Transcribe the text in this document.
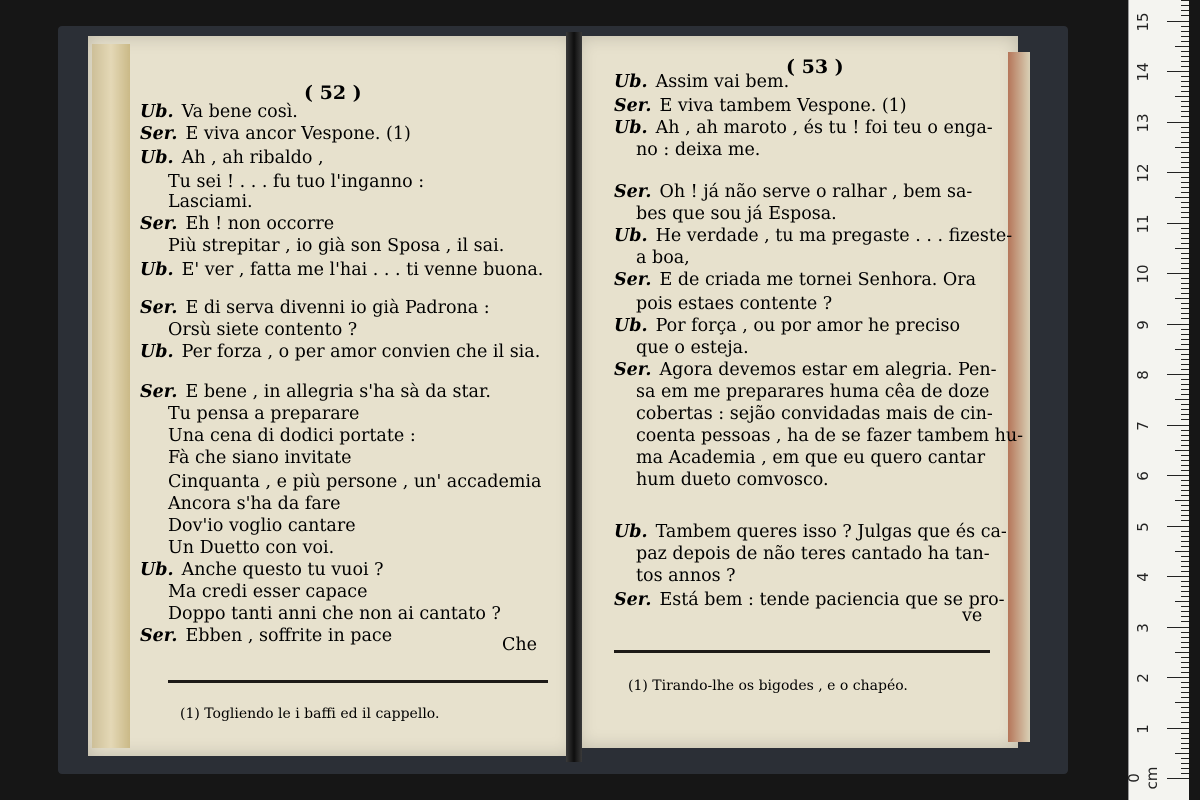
( 52 )
( 53 )
Ub. Va bene così.
Ser. E viva ancor Vespone. (1)
Ub. Ah , ah ribaldo ,
Tu sei ! . . . fu tuo l'inganno :
Lasciami.
Ser. Eh ! non occorre
Più strepitar , io già son Sposa , il sai.
Ub. E' ver , fatta me l'hai . . . ti venne buona.
Ser. E di serva divenni io già Padrona :
Orsù siete contento ?
Ub. Per forza , o per amor convien che il sia.
Ser. E bene , in allegria s'ha sà da star.
Tu pensa a preparare
Una cena di dodici portate :
Fà che siano invitate
Cinquanta , e più persone , un' accademia
Ancora s'ha da fare
Dov'io voglio cantare
Un Duetto con voi.
Ub. Anche questo tu vuoi ?
Ma credi esser capace
Doppo tanti anni che non ai cantato ?
Ser. Ebben , soffrite in pace
Ub. Assim vai bem.
Ser. E viva tambem Vespone. (1)
Ub. Ah , ah maroto , és tu ! foi teu o enga-
no : deixa me.
Ser. Oh ! já não serve o ralhar , bem sa-
bes que sou já Esposa.
Ub. He verdade , tu ma pregaste . . . fizeste-
a boa,
Ser. E de criada me tornei Senhora. Ora
pois estaes contente ?
Ub. Por força , ou por amor he preciso
que o esteja.
Ser. Agora devemos estar em alegria. Pen-
sa em me preparares huma cêa de doze
cobertas : sejão convidadas mais de cin-
coenta pessoas , ha de se fazer tambem hu-
ma Academia , em que eu quero cantar
hum dueto comvosco.
Ub. Tambem queres isso ? Julgas que és ca-
paz depois de não teres cantado ha tan-
tos annos ?
Ser. Está bem : tende paciencia que se pro-
Che
ve
(1) Togliendo le i baffi ed il cappello.
(1) Tirando-lhe os bigodes , e o chapéo.
0 cm
1
2
3
4
5
6
7
8
9
10
11
12
13
14
15
